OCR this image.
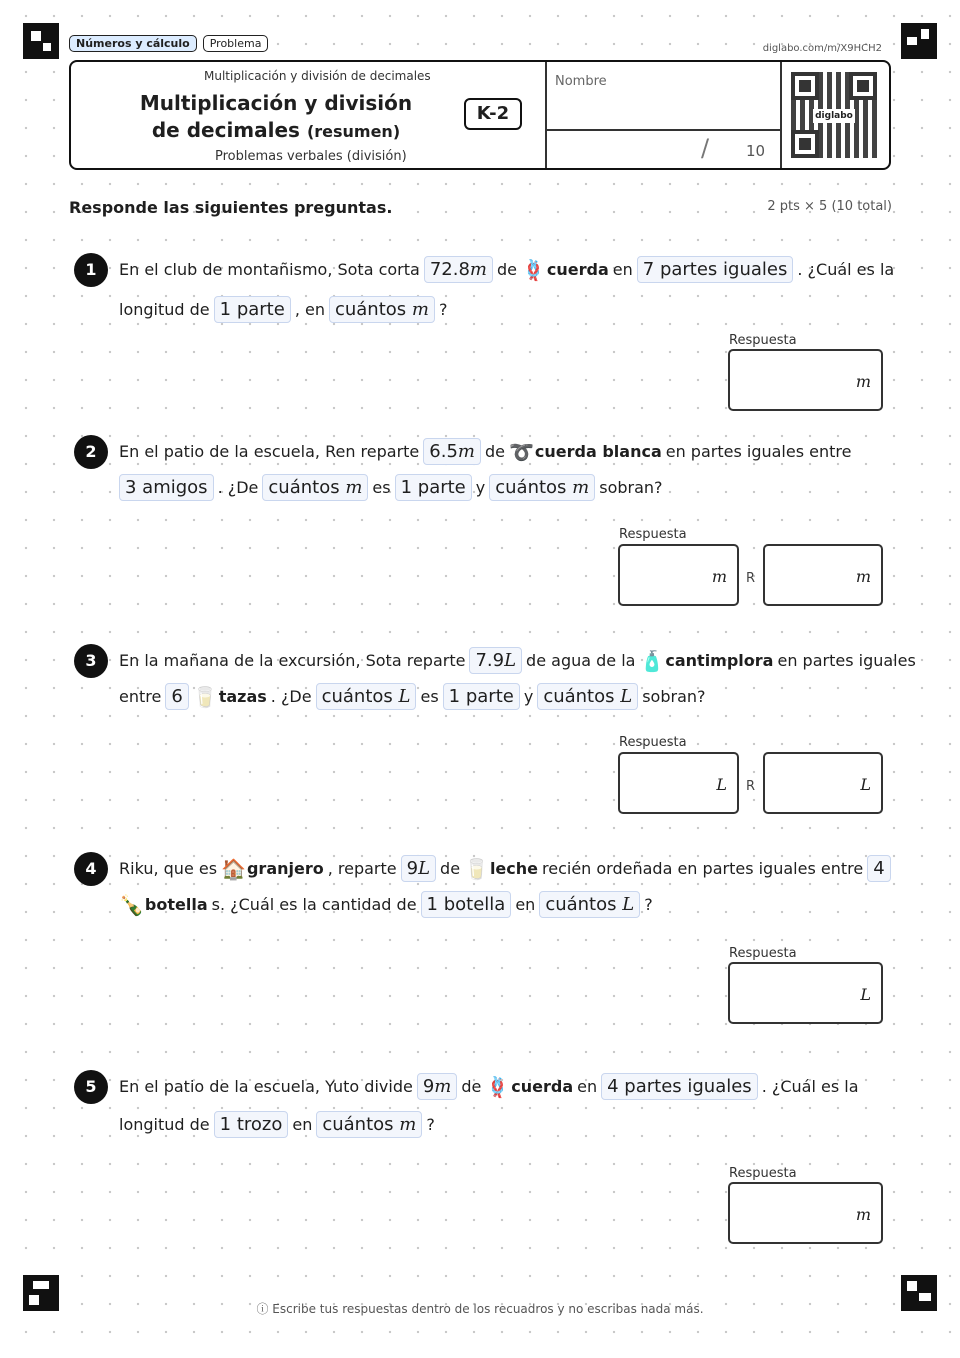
Números y cálculo	Problema	diglabo.com/m/X9HCH2
Multiplicación y división de decimales
Multiplicación y división de decimales (resumen)
Problemas verbales (división)
K-2
Nombre
/ 10
diglabo
Responde las siguientes preguntas.	2 pts × 5 (10 total)
1	En el club de montañismo, Sota corta 72.8m de 🪢 cuerda en 7 partes iguales . ¿Cuál es la
longitud de 1 parte , en cuántos m ?
Respuesta
m
2	En el patio de la escuela, Ren reparte 6.5m de ➰ cuerda blanca en partes iguales entre
3 amigos . ¿De cuántos m es 1 parte y cuántos m sobran?
Respuesta
m R	m
3	En la mañana de la excursión, Sota reparte 7.9L de agua de la 🧴 cantimplora en partes iguales
entre 6 🥛 tazas . ¿De cuántos L es 1 parte y cuántos L sobran?
Respuesta
L R	L
4	Riku, que es 🏠 granjero , reparte 9L de 🥛 leche recién ordeñada en partes iguales entre 4
🍾 botella s. ¿Cuál es la cantidad de 1 botella en cuántos L ?
Respuesta
L
5	En el patio de la escuela, Yuto divide 9m de 🪢 cuerda en 4 partes iguales . ¿Cuál es la
longitud de 1 trozo en cuántos m ?
Respuesta
m
ⓘ Escribe tus respuestas dentro de los recuadros y no escribas nada más.
